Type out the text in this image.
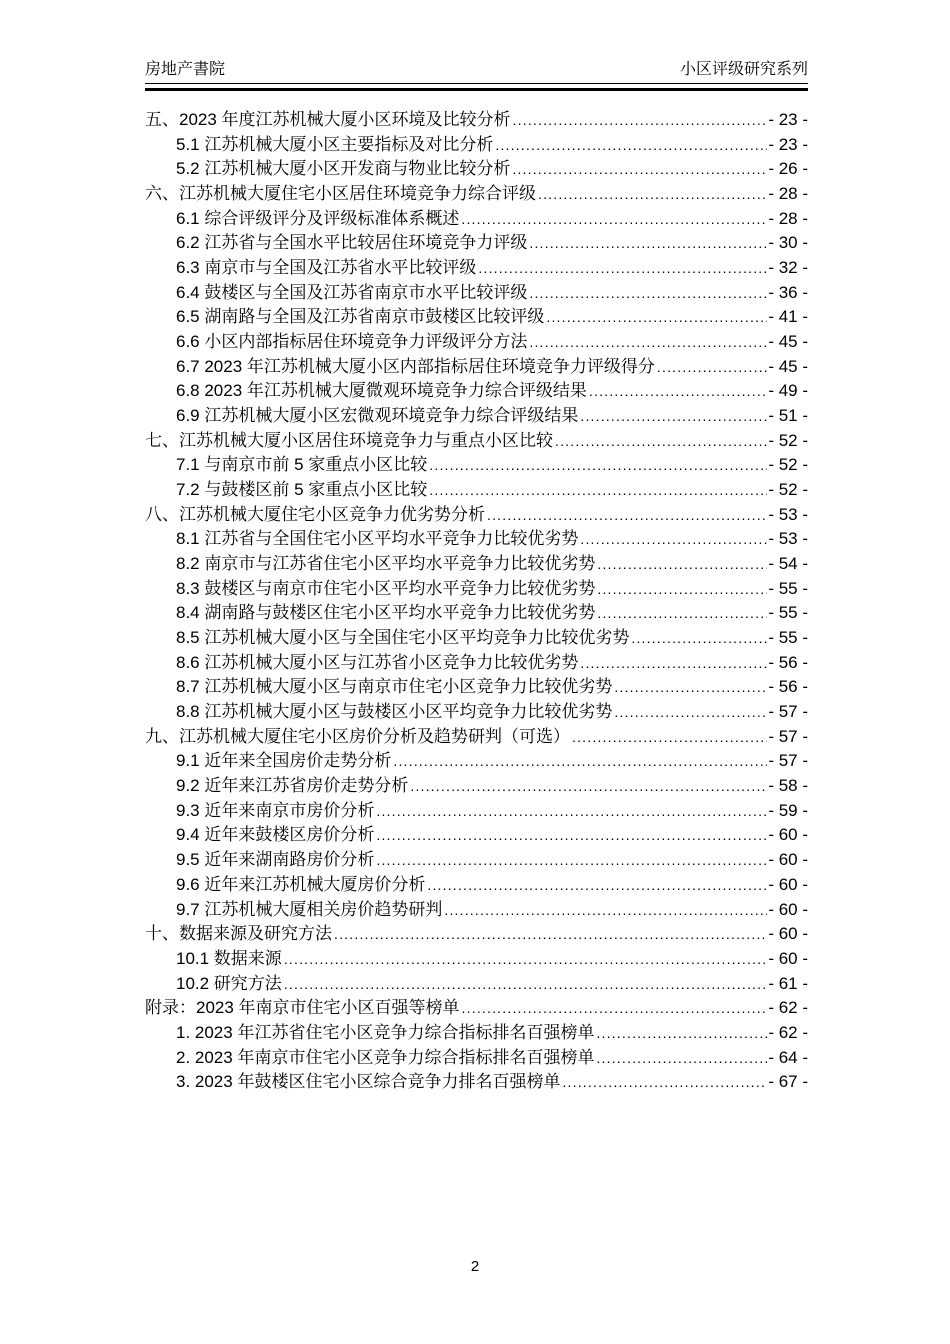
房地产書院	小区评级研究系列
五、2023 年度江苏机械大厦小区环境及比较分析 .....	- 23 -
5.1 江苏机械大厦小区主要指标及对比分析 .....	- 23 -
5.2 江苏机械大厦小区开发商与物业比较分析 .....	- 26 -
六、江苏机械大厦住宅小区居住环境竞争力综合评级 .....	- 28 -
6.1 综合评级评分及评级标准体系概述 .....	- 28 -
6.2 江苏省与全国水平比较居住环境竞争力评级 .....	- 30 -
6.3 南京市与全国及江苏省水平比较评级 .....	- 32 -
6.4 鼓楼区与全国及江苏省南京市水平比较评级 .....	- 36 -
6.5 湖南路与全国及江苏省南京市鼓楼区比较评级 .....	- 41 -
6.6 小区内部指标居住环境竞争力评级评分方法 .....	- 45 -
6.7 2023 年江苏机械大厦小区内部指标居住环境竞争力评级得分 .....	- 45 -
6.8 2023 年江苏机械大厦微观环境竞争力综合评级结果 .....	- 49 -
6.9 江苏机械大厦小区宏微观环境竞争力综合评级结果 .....	- 51 -
七、江苏机械大厦小区居住环境竞争力与重点小区比较 .....	- 52 -
7.1 与南京市前 5 家重点小区比较 .....	- 52 -
7.2 与鼓楼区前 5 家重点小区比较 .....	- 52 -
八、江苏机械大厦住宅小区竞争力优劣势分析 .....	- 53 -
8.1 江苏省与全国住宅小区平均水平竞争力比较优劣势 .....	- 53 -
8.2 南京市与江苏省住宅小区平均水平竞争力比较优劣势 .....	- 54 -
8.3 鼓楼区与南京市住宅小区平均水平竞争力比较优劣势 .....	- 55 -
8.4 湖南路与鼓楼区住宅小区平均水平竞争力比较优劣势 .....	- 55 -
8.5 江苏机械大厦小区与全国住宅小区平均竞争力比较优劣势 .....	- 55 -
8.6 江苏机械大厦小区与江苏省小区竞争力比较优劣势 .....	- 56 -
8.7 江苏机械大厦小区与南京市住宅小区竞争力比较优劣势 .....	- 56 -
8.8 江苏机械大厦小区与鼓楼区小区平均竞争力比较优劣势 .....	- 57 -
九、江苏机械大厦住宅小区房价分析及趋势研判（可选） .....	- 57 -
9.1 近年来全国房价走势分析 .....	- 57 -
9.2 近年来江苏省房价走势分析 .....	- 58 -
9.3 近年来南京市房价分析 .....	- 59 -
9.4 近年来鼓楼区房价分析 .....	- 60 -
9.5 近年来湖南路房价分析 .....	- 60 -
9.6 近年来江苏机械大厦房价分析 .....	- 60 -
9.7 江苏机械大厦相关房价趋势研判 .....	- 60 -
十、数据来源及研究方法 .....	- 60 -
10.1 数据来源 .....	- 60 -
10.2 研究方法 .....	- 61 -
附录：2023 年南京市住宅小区百强等榜单 .....	- 62 -
1. 2023 年江苏省住宅小区竞争力综合指标排名百强榜单 .....	- 62 -
2. 2023 年南京市住宅小区竞争力综合指标排名百强榜单 .....	- 64 -
3. 2023 年鼓楼区住宅小区综合竞争力排名百强榜单 .....	- 67 -
2
